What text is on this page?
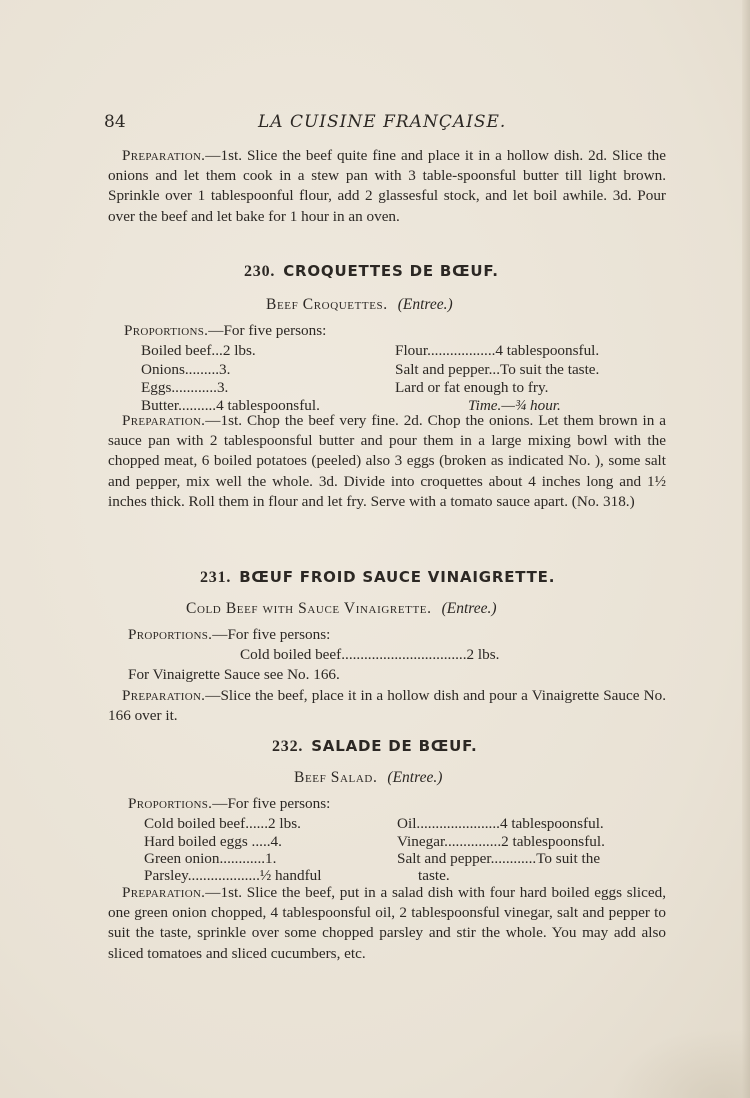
84	LA CUISINE FRANÇAISE.

Preparation.—1st. Slice the beef quite fine and place it in a hollow dish. 2d. Slice the onions and let them cook in a stew pan with 3 table-spoonsful butter till light brown. Sprinkle over 1 tablespoonful flour, add 2 glassesful stock, and let boil awhile. 3d. Pour over the beef and let bake for 1 hour in an oven.

230. CROQUETTES DE BŒUF.
Beef Croquettes. (Entree.)
Proportions.—For five persons:
Boiled beef...2 lbs.
Onions.........3.
Eggs............3.
Butter..........4 tablespoonsful.
Flour..................4 tablespoonsful.
Salt and pepper...To suit the taste.
Lard or fat enough to fry.
Time.—¾ hour.

Preparation.—1st. Chop the beef very fine. 2d. Chop the onions. Let them brown in a sauce pan with 2 tablespoonsful butter and pour them in a large mixing bowl with the chopped meat, 6 boiled potatoes (peeled) also 3 eggs (broken as indicated No. ), some salt and pepper, mix well the whole. 3d. Divide into croquettes about 4 inches long and 1½ inches thick. Roll them in flour and let fry. Serve with a tomato sauce apart. (No. 318.)

231. BŒUF FROID SAUCE VINAIGRETTE.
Cold Beef with Sauce Vinaigrette. (Entree.)
Proportions.—For five persons:
Cold boiled beef.................................2 lbs.
For Vinaigrette Sauce see No. 166.

Preparation.—Slice the beef, place it in a hollow dish and pour a Vinaigrette Sauce No. 166 over it.

232. SALADE DE BŒUF.
Beef Salad. (Entree.)
Proportions.—For five persons:
Cold boiled beef......2 lbs.
Hard boiled eggs .....4.
Green onion............1.
Parsley...................½ handful
Oil......................4 tablespoonsful.
Vinegar...............2 tablespoonsful.
Salt and pepper............To suit the
taste.

Preparation.—1st. Slice the beef, put in a salad dish with four hard boiled eggs sliced, one green onion chopped, 4 tablespoonsful oil, 2 tablespoonsful vinegar, salt and pepper to suit the taste, sprinkle over some chopped parsley and stir the whole. You may add also sliced tomatoes and sliced cucumbers, etc.
